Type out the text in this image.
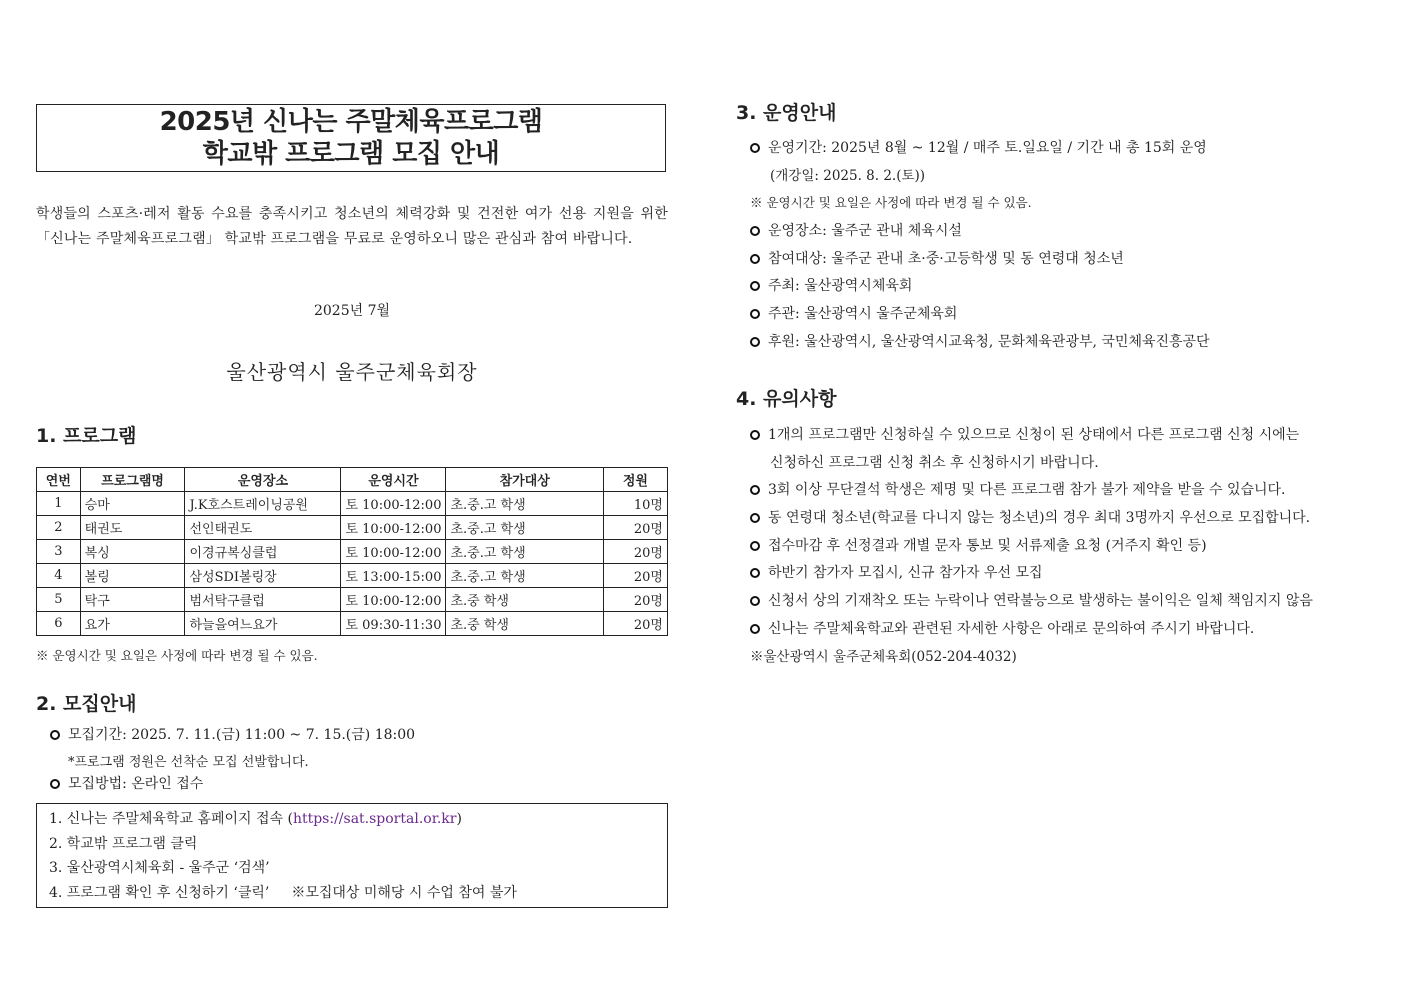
2025년 신나는 주말체육프로그램
학교밖 프로그램 모집 안내
학생들의 스포츠·레저 활동 수요를 충족시키고 청소년의 체력강화 및 건전한 여가 선용 지원을 위한 「신나는 주말체육프로그램」 학교밖 프로그램을 무료로 운영하오니 많은 관심과 참여 바랍니다.
2025년 7월
울산광역시 울주군체육회장
1. 프로그램
연번	프로그램명	운영장소	운영시간	참가대상	정원
1	승마	J.K호스트레이닝공원	토 10:00-12:00	초.중.고 학생	10명
2	태권도	선인태권도	토 10:00-12:00	초.중.고 학생	20명
3	복싱	이경규복싱클럽	토 10:00-12:00	초.중.고 학생	20명
4	볼링	삼성SDI볼링장	토 13:00-15:00	초.중.고 학생	20명
5	탁구	범서탁구클럽	토 10:00-12:00	초.중 학생	20명
6	요가	하늘을여느요가	토 09:30-11:30	초.중 학생	20명
※ 운영시간 및 요일은 사정에 따라 변경 될 수 있음.
2. 모집안내
모집기간: 2025. 7. 11.(금) 11:00 ~ 7. 15.(금) 18:00
*프로그램 정원은 선착순 모집 선발합니다.
모집방법: 온라인 접수
1. 신나는 주말체육학교 홈페이지 접속 (https://sat.sportal.or.kr)
2. 학교밖 프로그램 클릭
3. 울산광역시체육회 - 울주군 ‘검색’
4. 프로그램 확인 후 신청하기 ‘클릭’ ※모집대상 미해당 시 수업 참여 불가
3. 운영안내
운영기간: 2025년 8월 ~ 12월 / 매주 토.일요일 / 기간 내 총 15회 운영
(개강일: 2025. 8. 2.(토))
※ 운영시간 및 요일은 사정에 따라 변경 될 수 있음.
운영장소: 울주군 관내 체육시설
참여대상: 울주군 관내 초·중·고등학생 및 동 연령대 청소년
주최: 울산광역시체육회
주관: 울산광역시 울주군체육회
후원: 울산광역시, 울산광역시교육청, 문화체육관광부, 국민체육진흥공단
4. 유의사항
1개의 프로그램만 신청하실 수 있으므로 신청이 된 상태에서 다른 프로그램 신청 시에는
신청하신 프로그램 신청 취소 후 신청하시기 바랍니다.
3회 이상 무단결석 학생은 제명 및 다른 프로그램 참가 불가 제약을 받을 수 있습니다.
동 연령대 청소년(학교를 다니지 않는 청소년)의 경우 최대 3명까지 우선으로 모집합니다.
접수마감 후 선정결과 개별 문자 통보 및 서류제출 요청 (거주지 확인 등)
하반기 참가자 모집시, 신규 참가자 우선 모집
신청서 상의 기재착오 또는 누락이나 연락불능으로 발생하는 불이익은 일체 책임지지 않음
신나는 주말체육학교와 관련된 자세한 사항은 아래로 문의하여 주시기 바랍니다.
※울산광역시 울주군체육회(052-204-4032)
